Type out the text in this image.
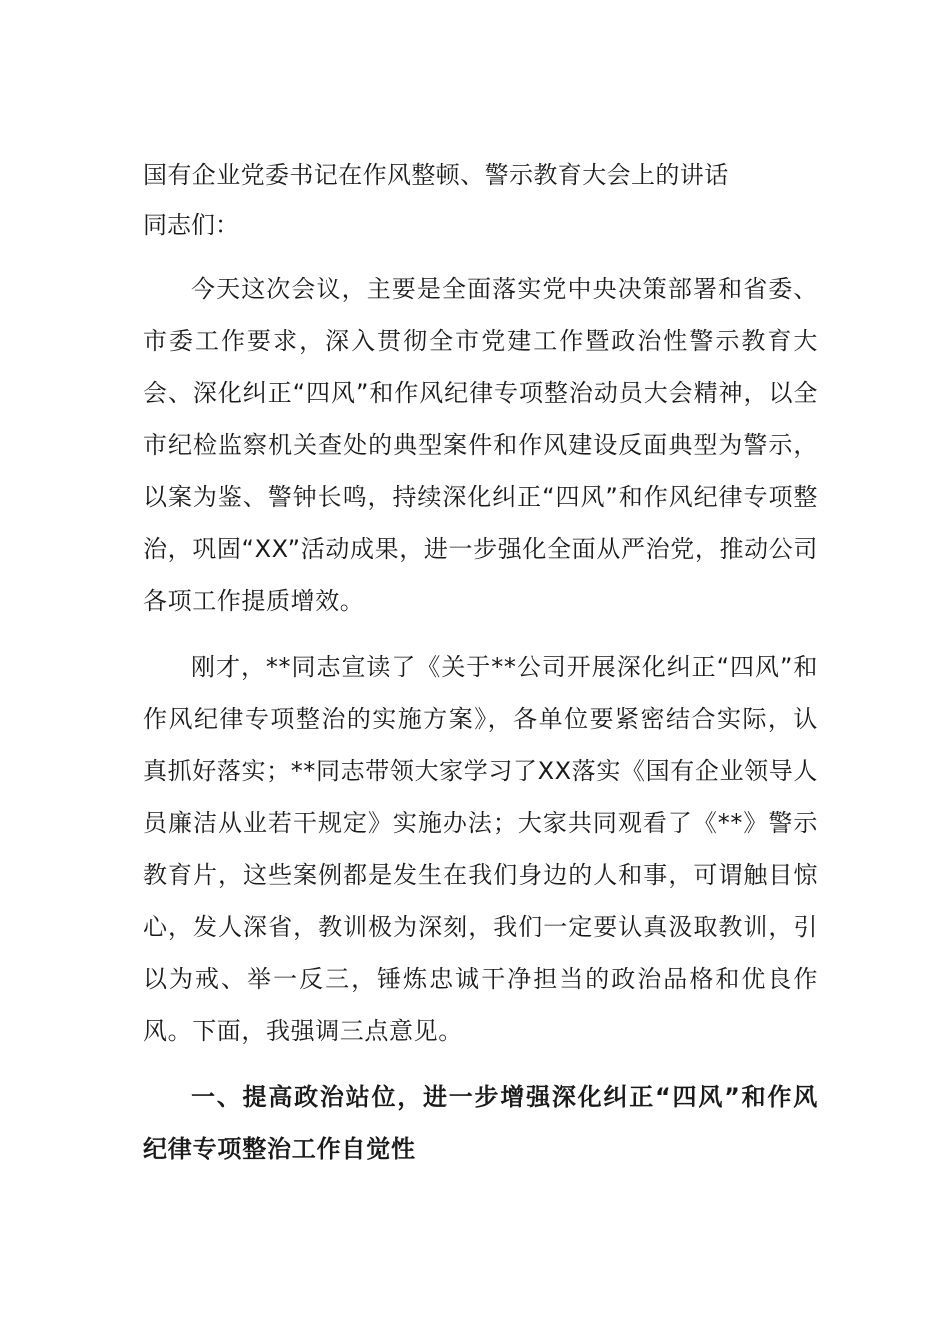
国有企业党委书记在作风整顿、警示教育大会上的讲话

同志们：

今天这次会议，主要是全面落实党中央决策部署和省委、市委工作要求，深入贯彻全市党建工作暨政治性警示教育大会、深化纠正“四风”和作风纪律专项整治动员大会精神，以全市纪检监察机关查处的典型案件和作风建设反面典型为警示，以案为鉴、警钟长鸣，持续深化纠正“四风”和作风纪律专项整治，巩固“XX”活动成果，进一步强化全面从严治党，推动公司各项工作提质增效。

刚才，**同志宣读了《关于**公司开展深化纠正“四风”和作风纪律专项整治的实施方案》，各单位要紧密结合实际，认真抓好落实；**同志带领大家学习了XX落实《国有企业领导人员廉洁从业若干规定》实施办法；大家共同观看了《**》警示教育片，这些案例都是发生在我们身边的人和事，可谓触目惊心，发人深省，教训极为深刻，我们一定要认真汲取教训，引以为戒、举一反三，锤炼忠诚干净担当的政治品格和优良作风。下面，我强调三点意见。

一、提高政治站位，进一步增强深化纠正“四风”和作风纪律专项整治工作自觉性
